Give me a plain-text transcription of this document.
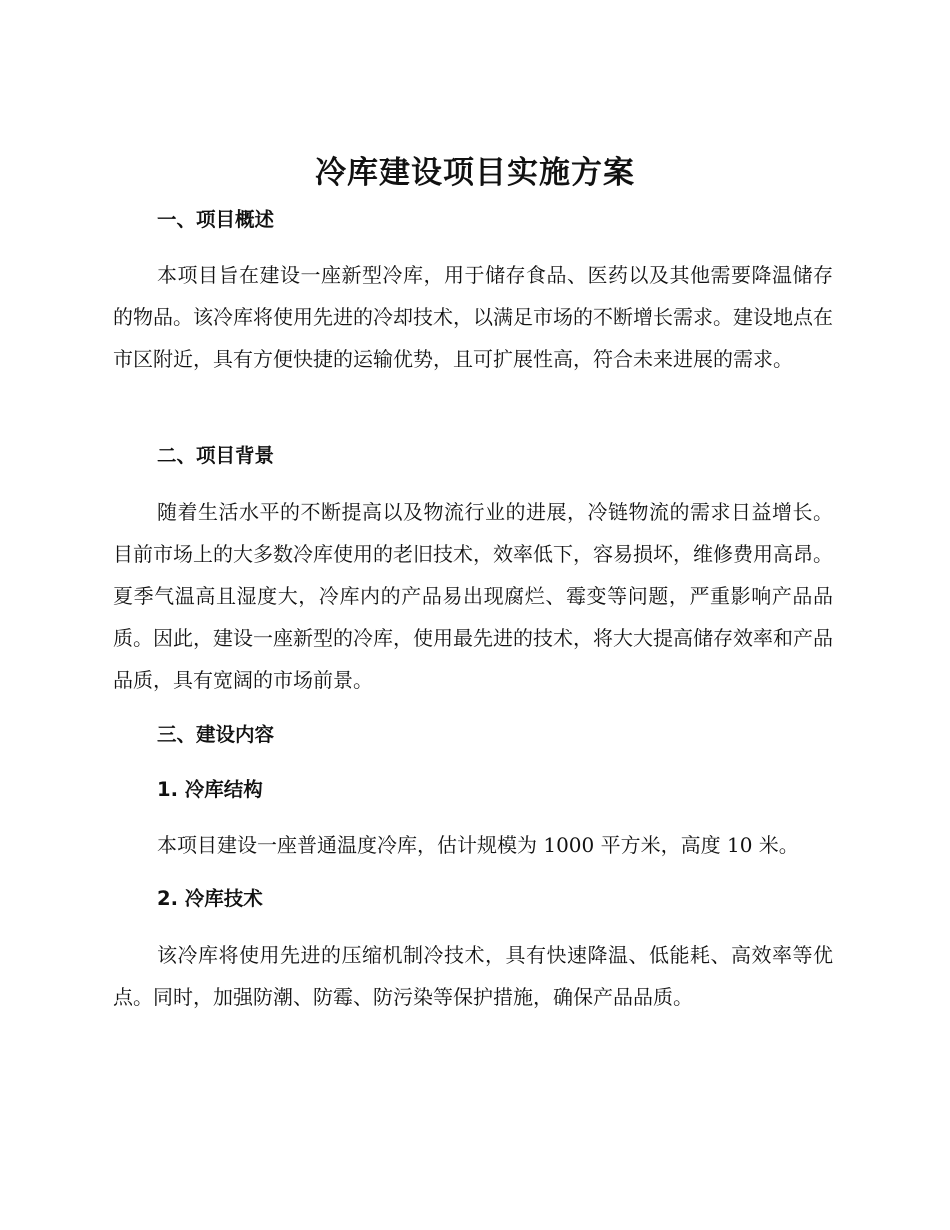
冷库建设项目实施方案
一、项目概述
本项目旨在建设一座新型冷库，用于储存食品、医药以及其他需要降温储存的物品。该冷库将使用先进的冷却技术，以满足市场的不断增长需求。建设地点在市区附近，具有方便快捷的运输优势，且可扩展性高，符合未来进展的需求。
二、项目背景
随着生活水平的不断提高以及物流行业的进展，冷链物流的需求日益增长。目前市场上的大多数冷库使用的老旧技术，效率低下，容易损坏，维修费用高昂。夏季气温高且湿度大，冷库内的产品易出现腐烂、霉变等问题，严重影响产品品质。因此，建设一座新型的冷库，使用最先进的技术，将大大提高储存效率和产品品质，具有宽阔的市场前景。
三、建设内容
1. 冷库结构
本项目建设一座普通温度冷库，估计规模为 1000 平方米，高度 10 米。
2. 冷库技术
该冷库将使用先进的压缩机制冷技术，具有快速降温、低能耗、高效率等优点。同时，加强防潮、防霉、防污染等保护措施，确保产品品质。
